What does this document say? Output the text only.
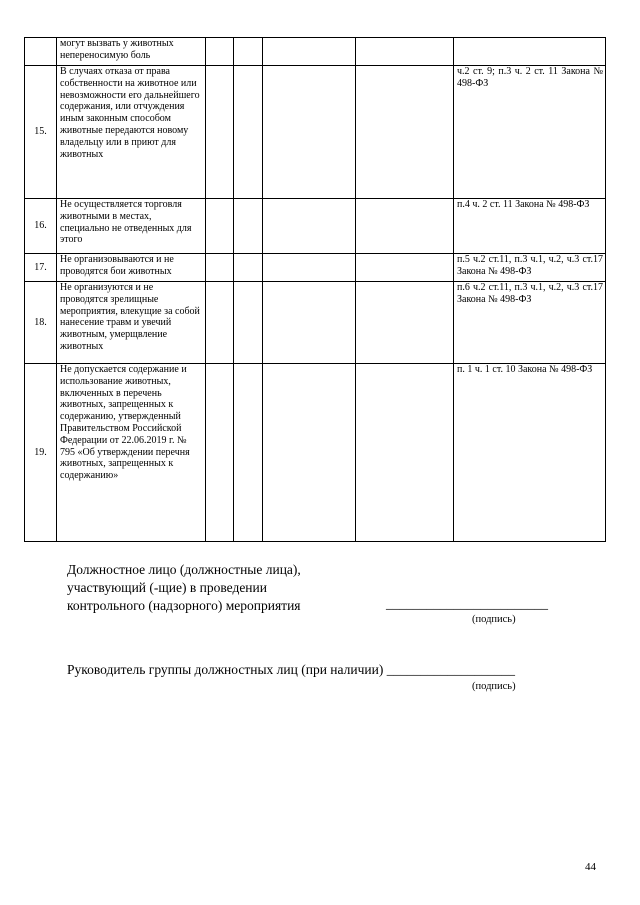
	могут вызвать у животных непереносимую боль					
15.	В случаях отказа от права собственности на животное или невозможности его дальнейшего содержания, или отчуждения иным законным способом животные передаются новому владельцу или в приют для животных					ч.2 ст. 9; п.3 ч. 2 ст. 11 Закона № 498-ФЗ
16.	Не осуществляется торговля животными в местах, специально не отведенных для этого					п.4 ч. 2 ст. 11 Закона № 498-ФЗ
17.	Не организовываются и не проводятся бои животных					п.5 ч.2 ст.11, п.3 ч.1, ч.2, ч.3 ст.17 Закона № 498-ФЗ
18.	Не организуются и не проводятся зрелищные мероприятия, влекущие за собой нанесение травм и увечий животным, умерщвление животных					п.6 ч.2 ст.11, п.3 ч.1, ч.2, ч.3 ст.17 Закона № 498-ФЗ
19.	Не допускается содержание и использование животных, включенных в перечень животных, запрещенных к содержанию, утвержденный Правительством Российской Федерации от 22.06.2019 г. № 795 «Об утверждении перечня животных, запрещенных к содержанию»					п. 1 ч. 1 ст. 10 Закона № 498-ФЗ
Должностное лицо (должностные лица),
участвующий (-щие) в проведении
контрольного (надзорного) мероприятия	________________________
(подпись)
Руководитель группы должностных лиц (при наличии) ___________________
(подпись)
44
